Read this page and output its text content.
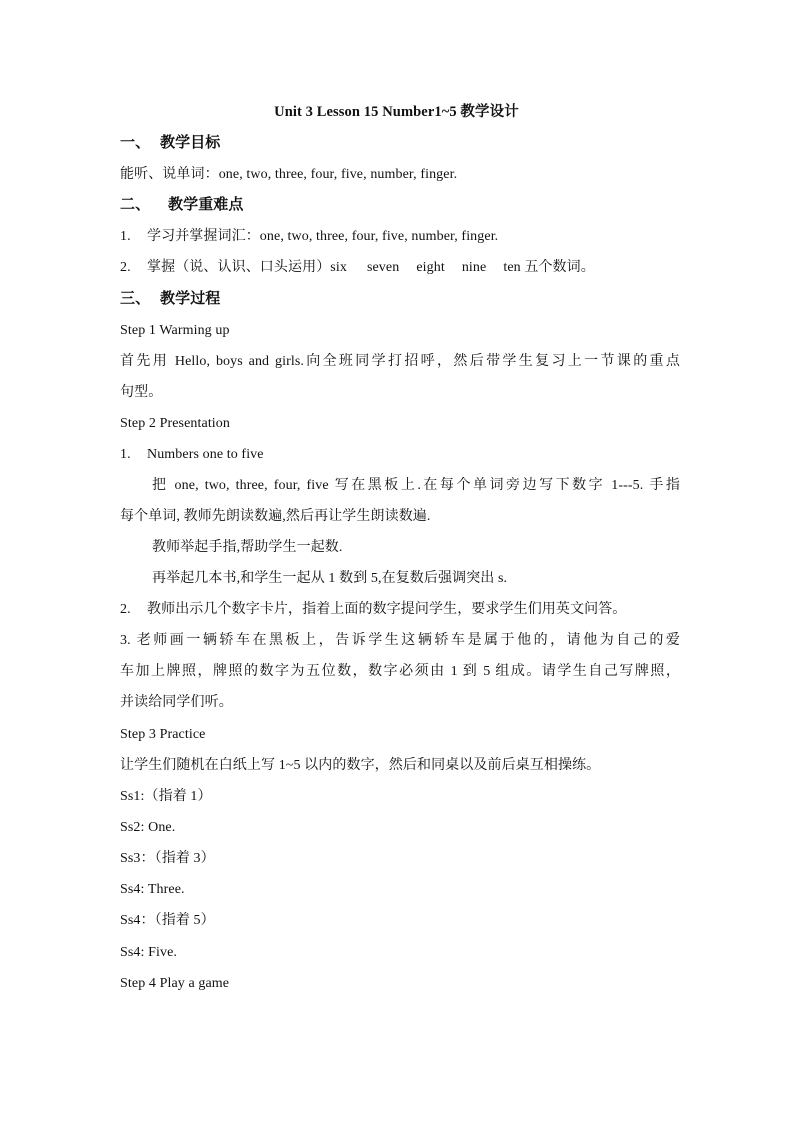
Unit 3 Lesson 15 Number1~5 教学设计
一、 教学目标
能听、说单词：one, two, three, four, five, number, finger.
二、 教学重难点
1. 学习并掌握词汇：one, two, three, four, five, number, finger.
2. 掌握（说、认识、口头运用）six seven eight nine ten 五个数词。
三、 教学过程
Step 1 Warming up
首先用 Hello, boys and girls.向全班同学打招呼，然后带学生复习上一节课的重点
句型。
Step 2 Presentation
1. Numbers one to five
把 one, two, three, four, five 写在黑板上.在每个单词旁边写下数字 1---5. 手指
每个单词, 教师先朗读数遍,然后再让学生朗读数遍.
教师举起手指,帮助学生一起数.
再举起几本书,和学生一起从 1 数到 5,在复数后强调突出 s.
2. 教师出示几个数字卡片，指着上面的数字提问学生，要求学生们用英文问答。
3. 老师画一辆轿车在黑板上，告诉学生这辆轿车是属于他的，请他为自己的爱
车加上牌照，牌照的数字为五位数，数字必须由 1 到 5 组成。请学生自己写牌照，
并读给同学们听。
Step 3 Practice
让学生们随机在白纸上写 1~5 以内的数字，然后和同桌以及前后桌互相操练。
Ss1:（指着 1）
Ss2: One.
Ss3：（指着 3）
Ss4: Three.
Ss4：（指着 5）
Ss4: Five.
Step 4 Play a game
